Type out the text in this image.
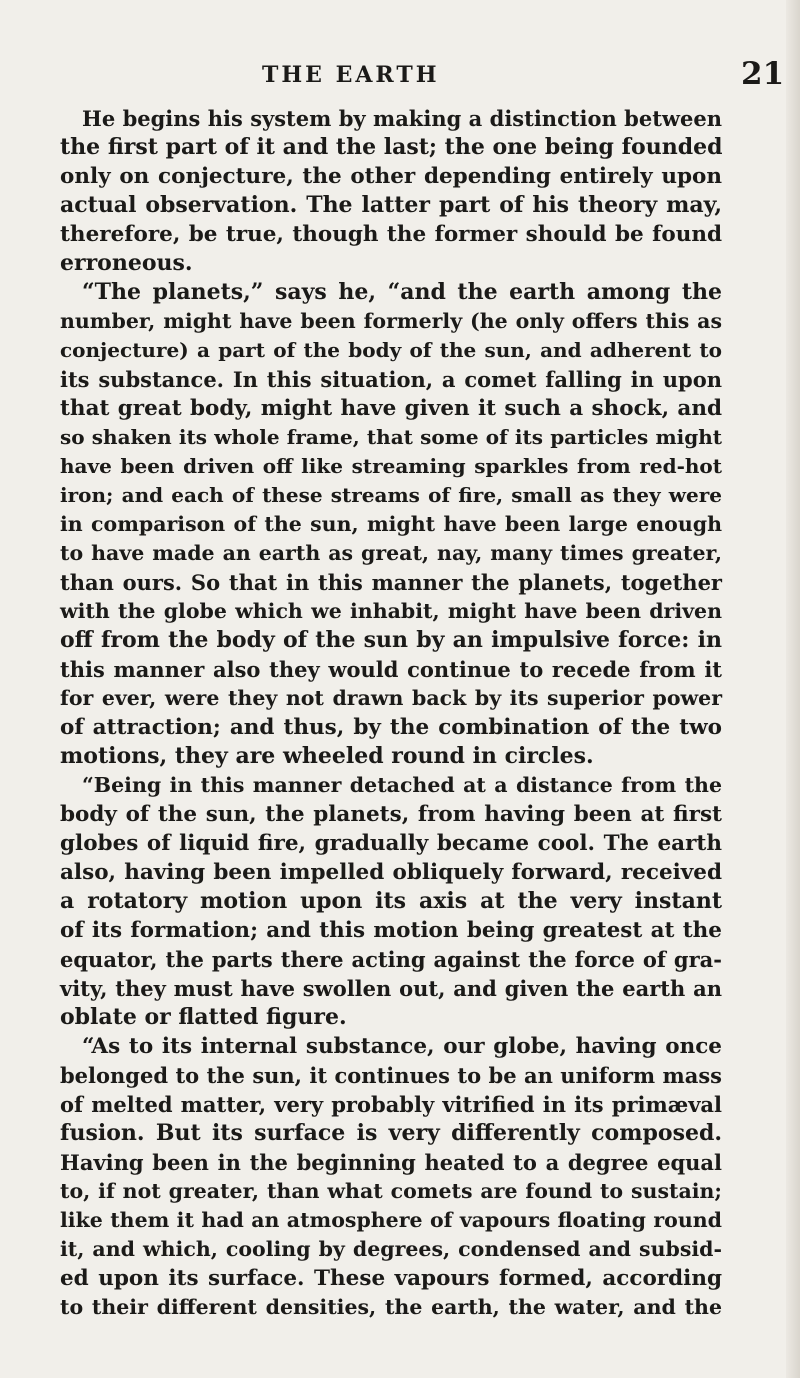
THE EARTH	21
He begins his system by making a distinction between
the first part of it and the last; the one being founded
only on conjecture, the other depending entirely upon
actual observation. The latter part of his theory may,
therefore, be true, though the former should be found
erroneous.
“The planets,” says he, “and the earth among the
number, might have been formerly (he only offers this as
conjecture) a part of the body of the sun, and adherent to
its substance. In this situation, a comet falling in upon
that great body, might have given it such a shock, and
so shaken its whole frame, that some of its particles might
have been driven off like streaming sparkles from red-hot
iron; and each of these streams of fire, small as they were
in comparison of the sun, might have been large enough
to have made an earth as great, nay, many times greater,
than ours. So that in this manner the planets, together
with the globe which we inhabit, might have been driven
off from the body of the sun by an impulsive force: in
this manner also they would continue to recede from it
for ever, were they not drawn back by its superior power
of attraction; and thus, by the combination of the two
motions, they are wheeled round in circles.
“Being in this manner detached at a distance from the
body of the sun, the planets, from having been at first
globes of liquid fire, gradually became cool. The earth
also, having been impelled obliquely forward, received
a rotatory motion upon its axis at the very instant
of its formation; and this motion being greatest at the
equator, the parts there acting against the force of gra-
vity, they must have swollen out, and given the earth an
oblate or flatted figure.
“As to its internal substance, our globe, having once
belonged to the sun, it continues to be an uniform mass
of melted matter, very probably vitrified in its primæval
fusion. But its surface is very differently composed.
Having been in the beginning heated to a degree equal
to, if not greater, than what comets are found to sustain;
like them it had an atmosphere of vapours floating round
it, and which, cooling by degrees, condensed and subsid-
ed upon its surface. These vapours formed, according
to their different densities, the earth, the water, and the
